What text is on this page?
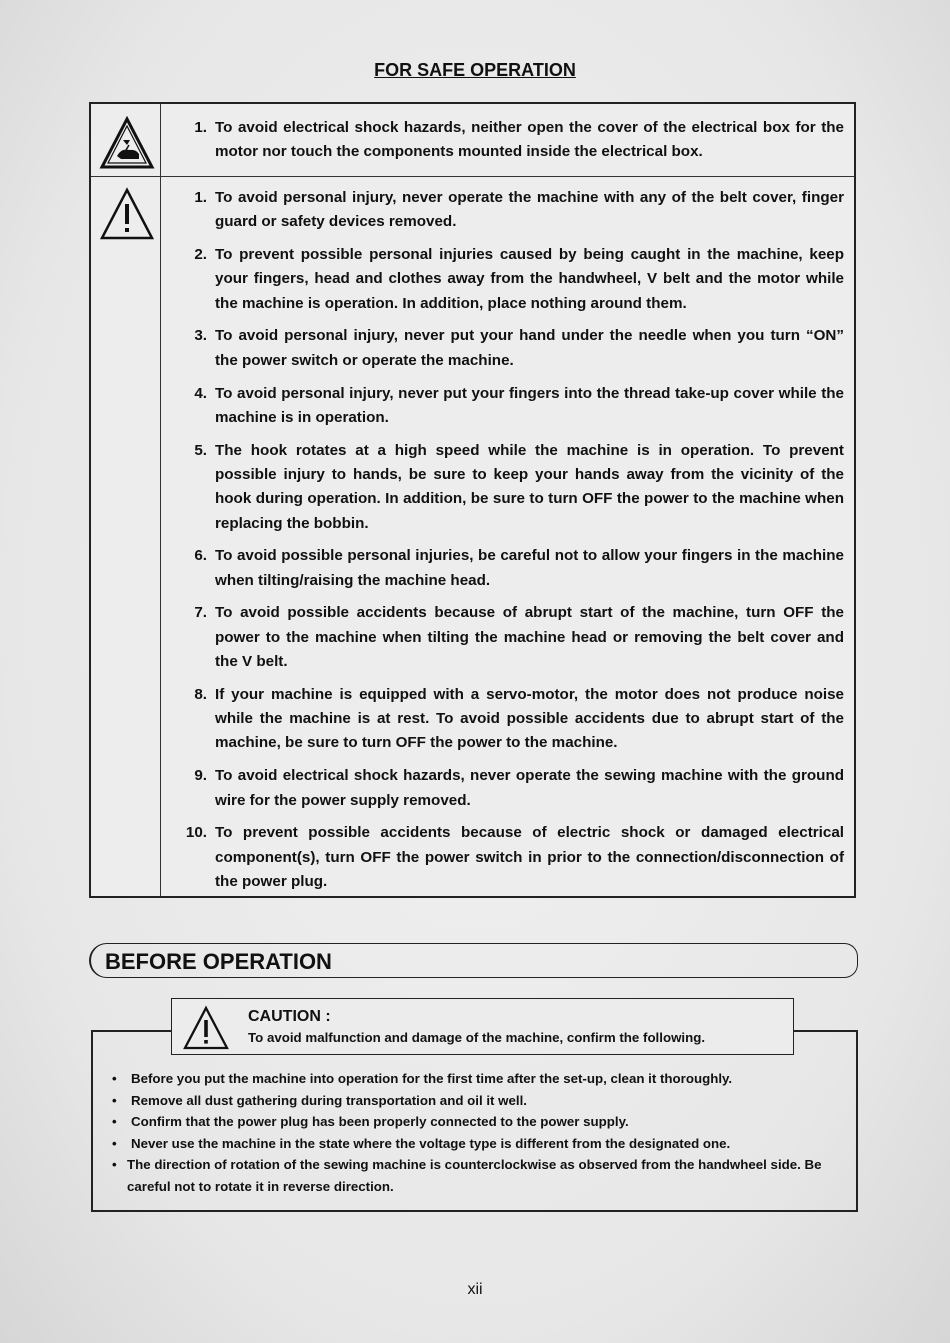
FOR SAFE OPERATION
1. To avoid electrical shock hazards, neither open the cover of the electrical box for the motor nor touch the components mounted inside the electrical box.
1. To avoid personal injury, never operate the machine with any of the belt cover, finger guard or safety devices removed.
2. To prevent possible personal injuries caused by being caught in the machine, keep your fingers, head and clothes away from the handwheel, V belt and the motor while the machine is operation. In addition, place nothing around them.
3. To avoid personal injury, never put your hand under the needle when you turn “ON” the power switch or operate the machine.
4. To avoid personal injury, never put your fingers into the thread take-up cover while the machine is in operation.
5. The hook rotates at a high speed while the machine is in operation. To prevent possible injury to hands, be sure to keep your hands away from the vicinity of the hook during operation. In addition, be sure to turn OFF the power to the machine when replacing the bobbin.
6. To avoid possible personal injuries, be careful not to allow your fingers in the machine when tilting/raising the machine head.
7. To avoid possible accidents because of abrupt start of the machine, turn OFF the power to the machine when tilting the machine head or removing the belt cover and the V belt.
8. If your machine is equipped with a servo-motor, the motor does not produce noise while the machine is at rest. To avoid possible accidents due to abrupt start of the machine, be sure to turn OFF the power to the machine.
9. To avoid electrical shock hazards, never operate the sewing machine with the ground wire for the power supply removed.
10. To prevent possible accidents because of electric shock or damaged electrical component(s), turn OFF the power switch in prior to the connection/disconnection of the power plug.
BEFORE OPERATION
CAUTION :
To avoid malfunction and damage of the machine, confirm the following.
•	Before you put the machine into operation for the first time after the set-up, clean it thoroughly.
•	Remove all dust gathering during transportation and oil it well.
•	Confirm that the power plug has been properly connected to the power supply.
•	Never use the machine in the state where the voltage type is different from the designated one.
• The direction of rotation of the sewing machine is counterclockwise as observed from the handwheel side. Be careful not to rotate it in reverse direction.
xii
